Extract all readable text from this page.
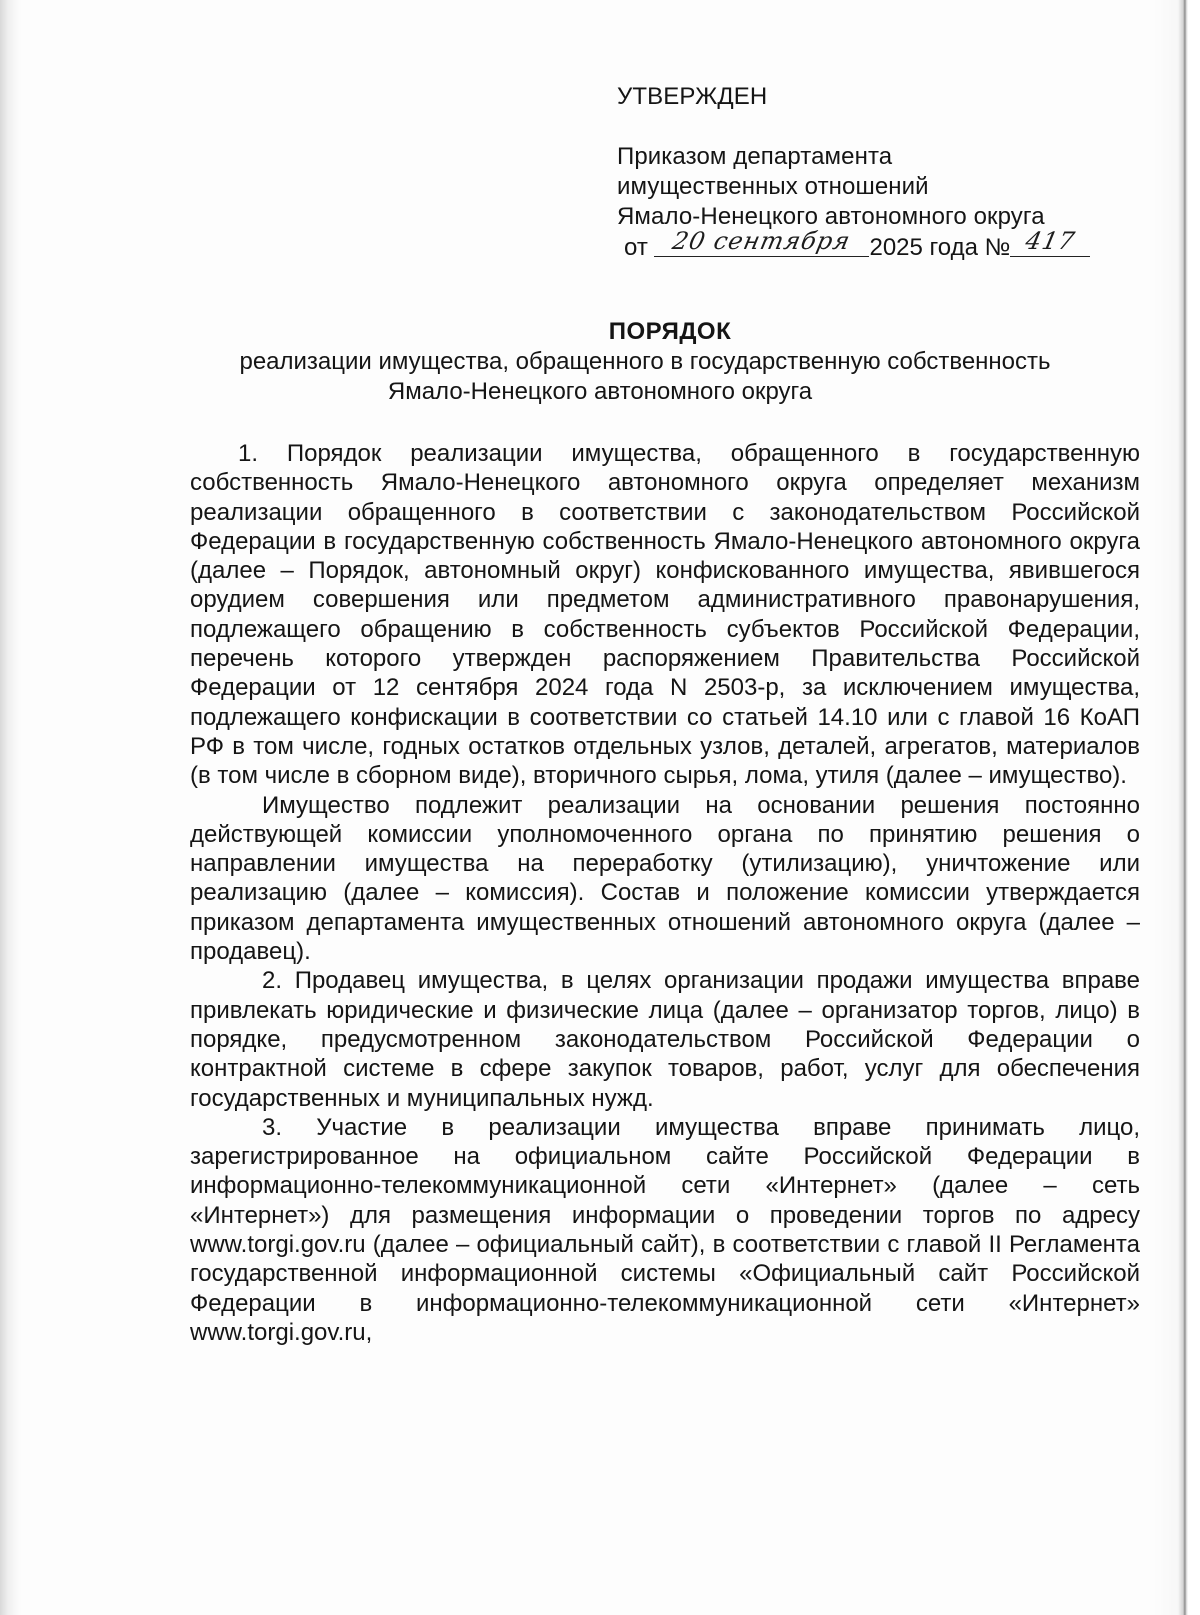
УТВЕРЖДЕН
Приказом департамента
имущественных отношений
Ямало-Ненецкого автономного округа
от 20 сентября 2025 года № 417
ПОРЯДОК
реализации имущества, обращенного в государственную собственность
Ямало-Ненецкого автономного округа

1. Порядок реализации имущества, обращенного в государственную собственность Ямало-Ненецкого автономного округа определяет механизм реализации обращенного в соответствии с законодательством Российской Федерации в государственную собственность Ямало-Ненецкого автономного округа (далее – Порядок, автономный округ) конфискованного имущества, явившегося орудием совершения или предметом административного правонарушения, подлежащего обращению в собственность субъектов Российской Федерации, перечень которого утвержден распоряжением Правительства Российской Федерации от 12 сентября 2024 года N 2503-р, за исключением имущества, подлежащего конфискации в соответствии со статьей 14.10 или с главой 16 КоАП РФ в том числе, годных остатков отдельных узлов, деталей, агрегатов, материалов (в том числе в сборном виде), вторичного сырья, лома, утиля (далее – имущество).

Имущество подлежит реализации на основании решения постоянно действующей комиссии уполномоченного органа по принятию решения о направлении имущества на переработку (утилизацию), уничтожение или реализацию (далее – комиссия). Состав и положение комиссии утверждается приказом департамента имущественных отношений автономного округа (далее – продавец).

2. Продавец имущества, в целях организации продажи имущества вправе привлекать юридические и физические лица (далее – организатор торгов, лицо) в порядке, предусмотренном законодательством Российской Федерации о контрактной системе в сфере закупок товаров, работ, услуг для обеспечения государственных и муниципальных нужд.

3. Участие в реализации имущества вправе принимать лицо, зарегистрированное на официальном сайте Российской Федерации в информационно-телекоммуникационной сети «Интернет» (далее – сеть «Интернет») для размещения информации о проведении торгов по адресу www.torgi.gov.ru (далее – официальный сайт), в соответствии с главой II Регламента государственной информационной системы «Официальный сайт Российской Федерации в информационно-телекоммуникационной сети «Интернет» www.torgi.gov.ru,
